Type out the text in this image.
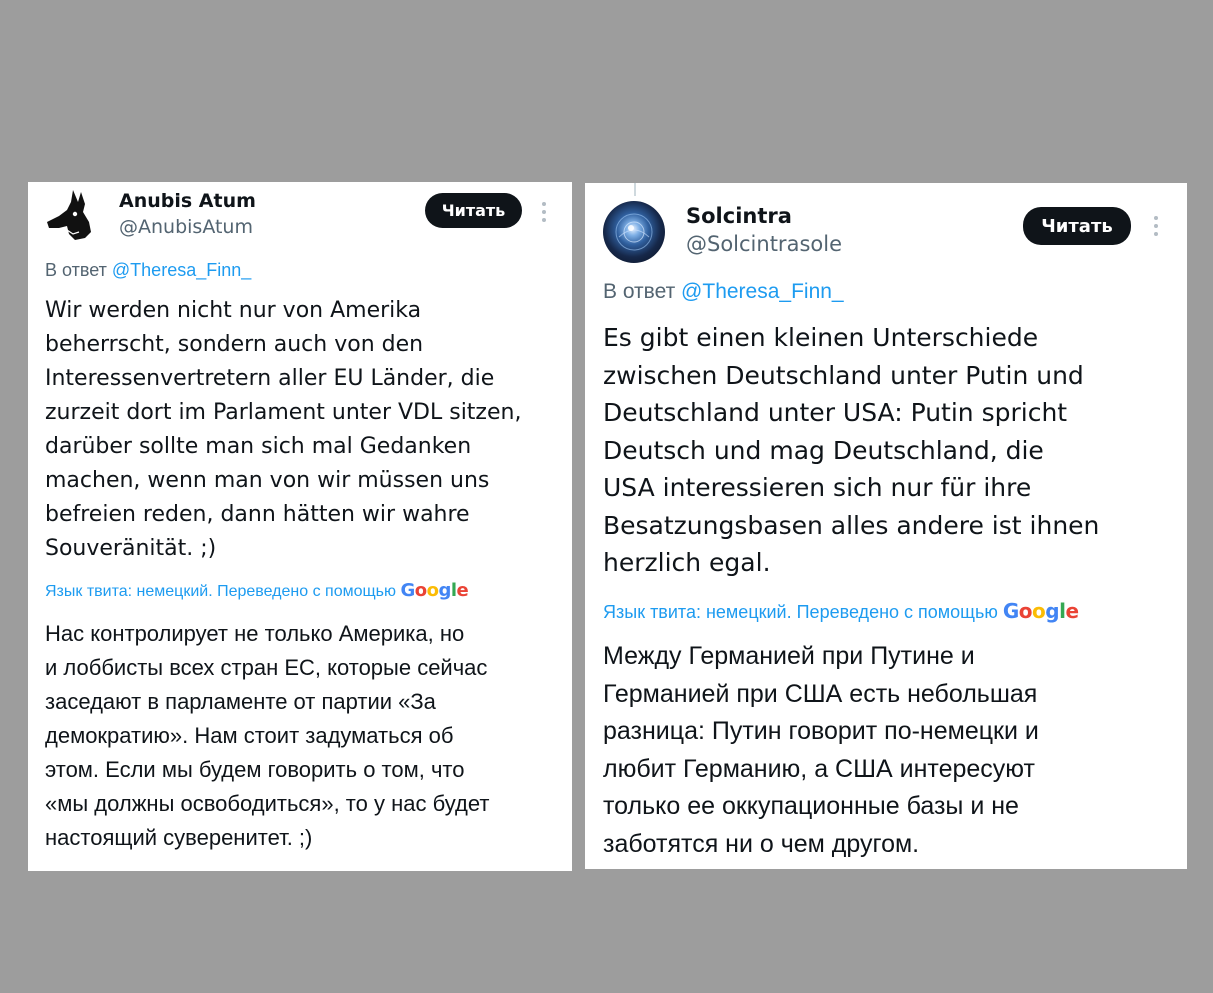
Anubis Atum
@AnubisAtum
Читать
В ответ @Theresa_Finn_
Wir werden nicht nur von Amerika
beherrscht, sondern auch von den
Interessenvertretern aller EU Länder, die
zurzeit dort im Parlament unter VDL sitzen,
darüber sollte man sich mal Gedanken
machen, wenn man von wir müssen uns
befreien reden, dann hätten wir wahre
Souveränität. ;)
Язык твита: немецкий. Переведено с помощью Google
Нас контролирует не только Америка, но
и лоббисты всех стран ЕС, которые сейчас
заседают в парламенте от партии «За
демократию». Нам стоит задуматься об
этом. Если мы будем говорить о том, что
«мы должны освободиться», то у нас будет
настоящий суверенитет. ;)
Solcintra
@Solcintrasole
Читать
В ответ @Theresa_Finn_
Es gibt einen kleinen Unterschiede
zwischen Deutschland unter Putin und
Deutschland unter USA: Putin spricht
Deutsch und mag Deutschland, die
USA interessieren sich nur für ihre
Besatzungsbasen alles andere ist ihnen
herzlich egal.
Язык твита: немецкий. Переведено с помощью Google
Между Германией при Путине и
Германией при США есть небольшая
разница: Путин говорит по-немецки и
любит Германию, а США интересуют
только ее оккупационные базы и не
заботятся ни о чем другом.
